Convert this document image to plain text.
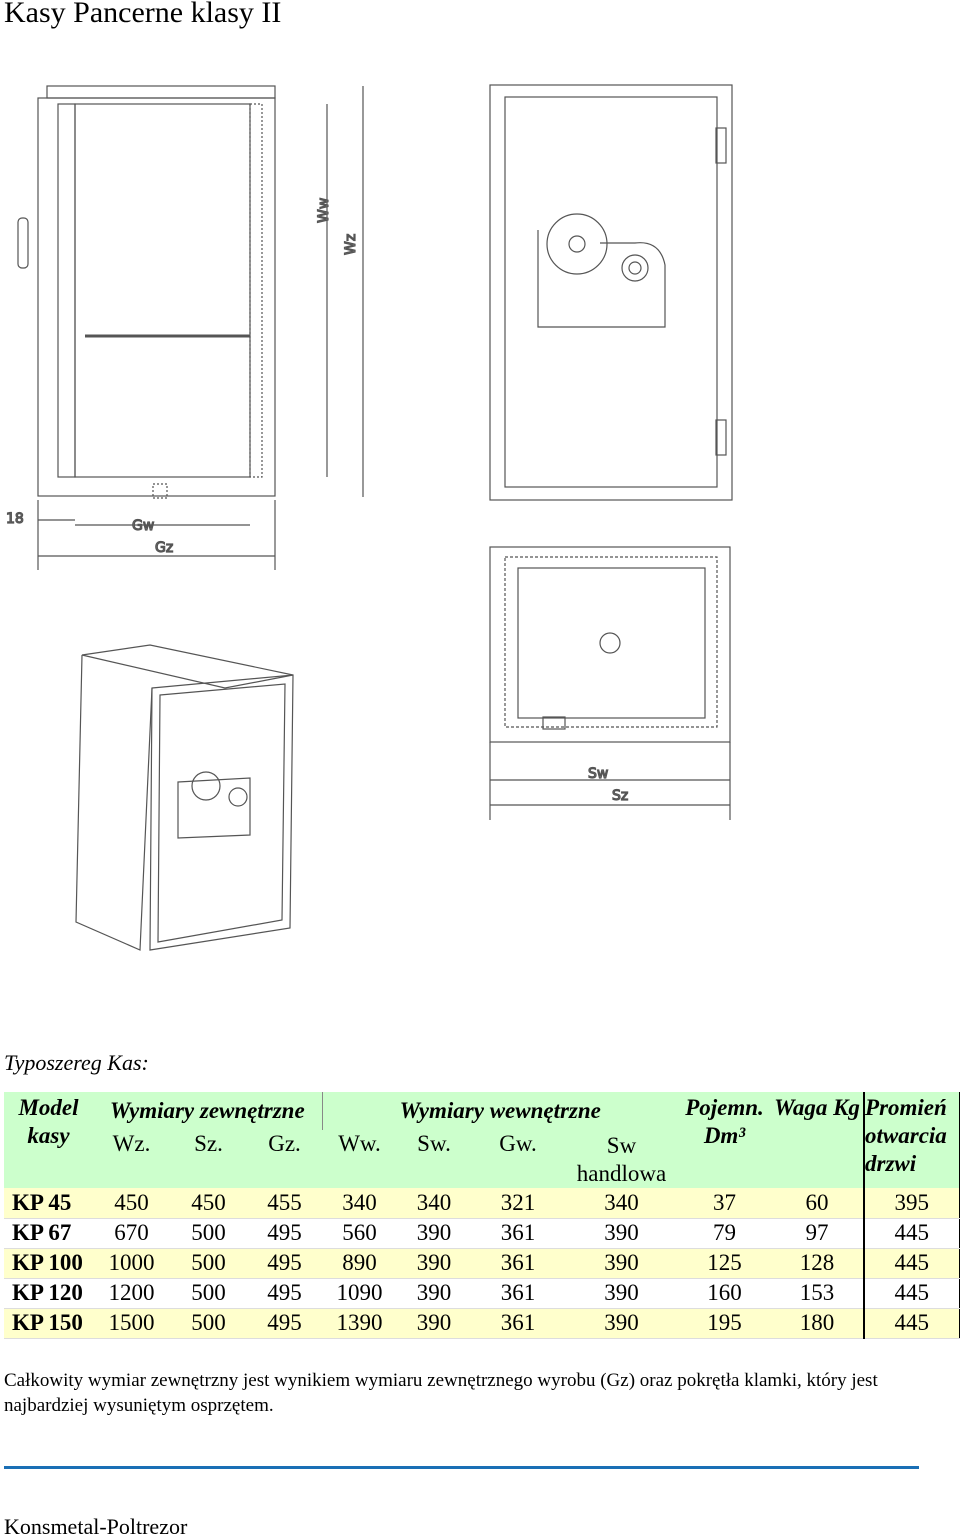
Kasy Pancerne klasy II
Ww
Wz
18	Gw
Gz
Sw
Sz
Typoszereg Kas:
Model kasy	Wymiary zewnętrzne			Wymiary wewnętrzne				Pojemn. Dm³	Waga Kg	Promień otwarcia drzwi
	Wz.	Sz.	Gz.	Ww.	Sw.	Gw.	Sw handlowa			
KP 45	450	450	455	340	340	321	340	37	60	395
KP 67	670	500	495	560	390	361	390	79	97	445
KP 100	1000	500	495	890	390	361	390	125	128	445
KP 120	1200	500	495	1090	390	361	390	160	153	445
KP 150	1500	500	495	1390	390	361	390	195	180	445
Całkowity wymiar zewnętrzny jest wynikiem wymiaru zewnętrznego wyrobu (Gz) oraz pokrętła klamki, który jest najbardziej wysuniętym osprzętem.
Konsmetal-Poltrezor
